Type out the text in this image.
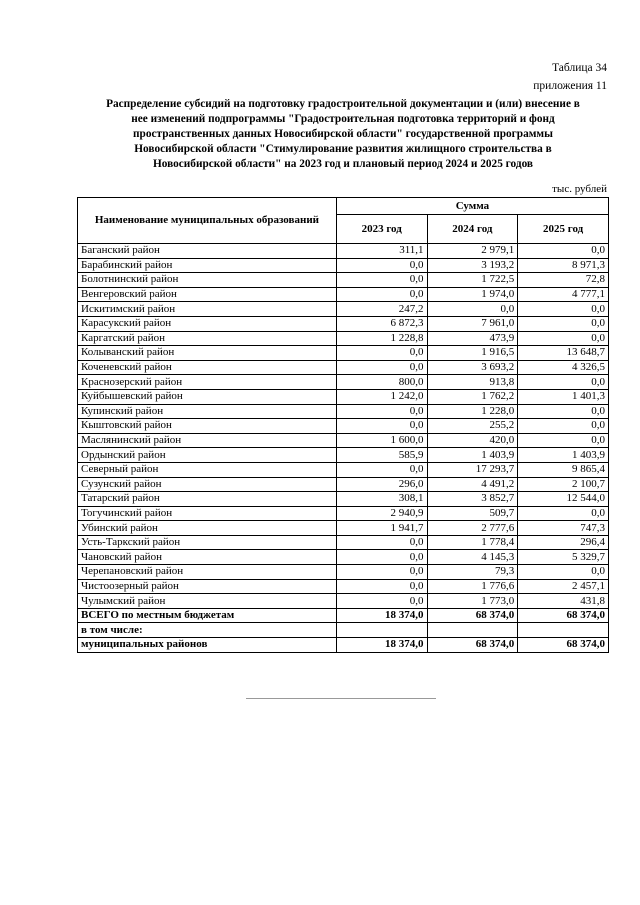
Таблица 34
приложения 11
Распределение субсидий на подготовку градостроительной документации и (или) внесение в
нее изменений подпрограммы "Градостроительная подготовка территорий и фонд
пространственных данных Новосибирской области" государственной программы
Новосибирской области "Стимулирование развития жилищного строительства в
Новосибирской области" на 2023 год и плановый период 2024 и 2025 годов
тыс. рублей
Наименование муниципальных образований	Сумма		
	2023 год	2024 год	2025 год
Баганский район	311,1	2 979,1	0,0
Барабинский район	0,0	3 193,2	8 971,3
Болотнинский район	0,0	1 722,5	72,8
Венгеровский район	0,0	1 974,0	4 777,1
Искитимский район	247,2	0,0	0,0
Карасукский район	6 872,3	7 961,0	0,0
Каргатский район	1 228,8	473,9	0,0
Колыванский район	0,0	1 916,5	13 648,7
Коченевский район	0,0	3 693,2	4 326,5
Краснозерский район	800,0	913,8	0,0
Куйбышевский район	1 242,0	1 762,2	1 401,3
Купинский район	0,0	1 228,0	0,0
Кыштовский район	0,0	255,2	0,0
Маслянинский район	1 600,0	420,0	0,0
Ордынский район	585,9	1 403,9	1 403,9
Северный район	0,0	17 293,7	9 865,4
Сузунский район	296,0	4 491,2	2 100,7
Татарский район	308,1	3 852,7	12 544,0
Тогучинский район	2 940,9	509,7	0,0
Убинский район	1 941,7	2 777,6	747,3
Усть-Таркский район	0,0	1 778,4	296,4
Чановский район	0,0	4 145,3	5 329,7
Черепановский район	0,0	79,3	0,0
Чистоозерный район	0,0	1 776,6	2 457,1
Чулымский район	0,0	1 773,0	431,8
ВСЕГО по местным бюджетам	18 374,0	68 374,0	68 374,0
в том числе:			
муниципальных районов	18 374,0	68 374,0	68 374,0
